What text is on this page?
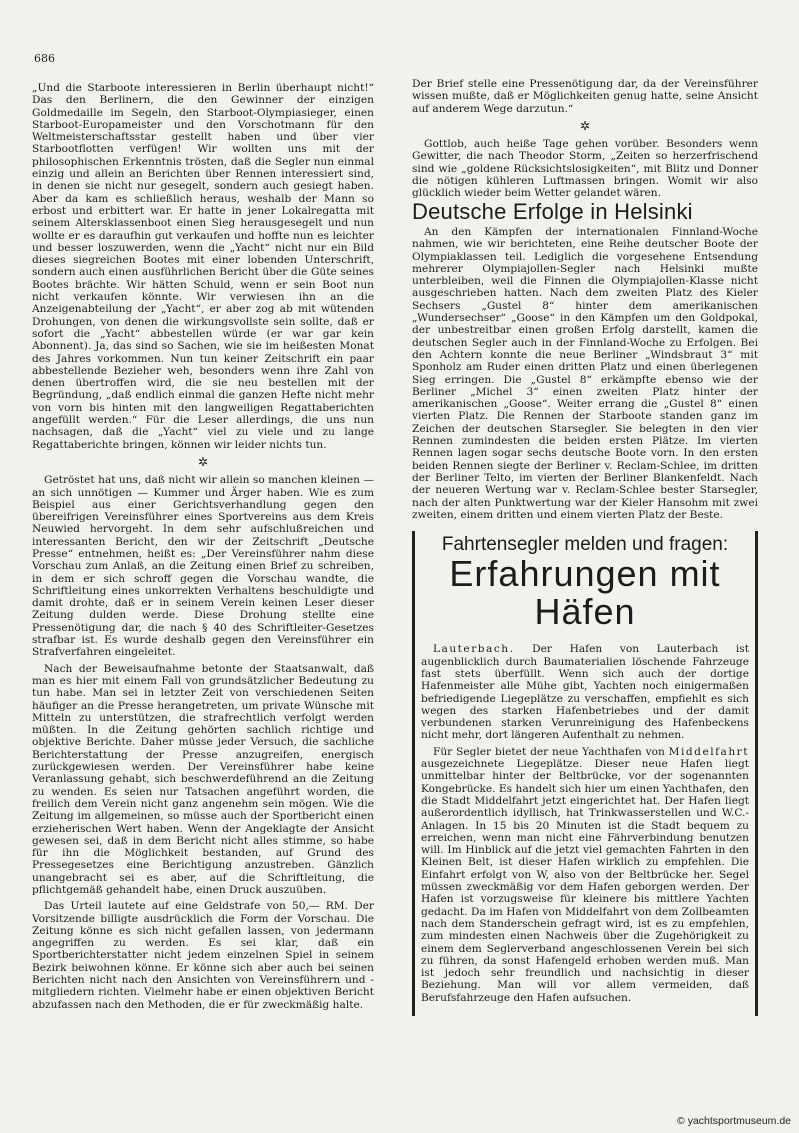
686

„Und die Starboote interessieren in Berlin überhaupt nicht!“ Das den Berlinern, die den Gewinner der einzigen Goldmedaille im Segeln, den Starboot-Olympiasieger, einen Starboot-Europameister und den Vorschotmann für den Weltmeisterschaftsstar gestellt haben und über vier Starbootflotten verfügen! Wir wollten uns mit der philosophischen Erkenntnis trösten, daß die Segler nun einmal einzig und allein an Berichten über Rennen interessiert sind, in denen sie nicht nur gesegelt, sondern auch gesiegt haben. Aber da kam es schließlich heraus, weshalb der Mann so erbost und erbittert war. Er hatte in jener Lokalregatta mit seinem Altersklassenboot einen Sieg herausgesegelt und nun wollte er es daraufhin gut verkaufen und hoffte nun es leichter und besser loszuwerden, wenn die „Yacht“ nicht nur ein Bild dieses siegreichen Bootes mit einer lobenden Unterschrift, sondern auch einen ausführlichen Bericht über die Güte seines Bootes brächte. Wir hätten Schuld, wenn er sein Boot nun nicht verkaufen könnte. Wir verwiesen ihn an die Anzeigenabteilung der „Yacht“, er aber zog ab mit wütenden Drohungen, von denen die wirkungsvollste sein sollte, daß er sofort die „Yacht“ abbestellen würde (er war gar kein Abonnent). Ja, das sind so Sachen, wie sie im heißesten Monat des Jahres vorkommen. Nun tun keiner Zeitschrift ein paar abbestellende Bezieher weh, besonders wenn ihre Zahl von denen übertroffen wird, die sie neu bestellen mit der Begründung, „daß endlich einmal die ganzen Hefte nicht mehr von vorn bis hinten mit den langweiligen Regattaberichten angefüllt werden.“ Für die Leser allerdings, die uns nun nachsagen, daß die „Yacht“ viel zu viele und zu lange Regattaberichte bringen, können wir leider nichts tun.

✲

Getröstet hat uns, daß nicht wir allein so manchen kleinen — an sich unnötigen — Kummer und Ärger haben. Wie es zum Beispiel aus einer Gerichtsverhandlung gegen den übereifrigen Vereinsführer eines Sportvereins aus dem Kreis Neuwied hervorgeht. In dem sehr aufschlußreichen und interessanten Bericht, den wir der Zeitschrift „Deutsche Presse“ entnehmen, heißt es: „Der Vereinsführer nahm diese Vorschau zum Anlaß, an die Zeitung einen Brief zu schreiben, in dem er sich schroff gegen die Vorschau wandte, die Schriftleitung eines unkorrekten Verhaltens beschuldigte und damit drohte, daß er in seinem Verein keinen Leser dieser Zeitung dulden werde. Diese Drohung stellte eine Pressenötigung dar, die nach § 40 des Schriftleiter-Gesetzes strafbar ist. Es wurde deshalb gegen den Vereinsführer ein Strafverfahren eingeleitet.

Nach der Beweisaufnahme betonte der Staatsanwalt, daß man es hier mit einem Fall von grundsätzlicher Bedeutung zu tun habe. Man sei in letzter Zeit von verschiedenen Seiten häufiger an die Presse herangetreten, um private Wünsche mit Mitteln zu unterstützen, die strafrechtlich verfolgt werden müßten. In die Zeitung gehörten sachlich richtige und objektive Berichte. Daher müsse jeder Versuch, die sachliche Berichterstattung der Presse anzugreifen, energisch zurückgewiesen werden. Der Vereinsführer habe keine Veranlassung gehabt, sich beschwerdeführend an die Zeitung zu wenden. Es seien nur Tatsachen angeführt worden, die freilich dem Verein nicht ganz angenehm sein mögen. Wie die Zeitung im allgemeinen, so müsse auch der Sportbericht einen erzieherischen Wert haben. Wenn der Angeklagte der Ansicht gewesen sei, daß in dem Bericht nicht alles stimme, so habe für ihn die Möglichkeit bestanden, auf Grund des Pressegesetzes eine Berichtigung anzustreben. Gänzlich unangebracht sei es aber, auf die Schriftleitung, die pflichtgemäß gehandelt habe, einen Druck auszuüben.

Das Urteil lautete auf eine Geldstrafe von 50,— RM. Der Vorsitzende billigte ausdrücklich die Form der Vorschau. Die Zeitung könne es sich nicht gefallen lassen, von jedermann angegriffen zu werden. Es sei klar, daß ein Sportberichterstatter nicht jedem einzelnen Spiel in seinem Bezirk beiwohnen könne. Er könne sich aber auch bei seinen Berichten nicht nach den Ansichten von Vereinsführern und -mitgliedern richten. Vielmehr habe er einen objektiven Bericht abzufassen nach den Methoden, die er für zweckmäßig halte.

Der Brief stelle eine Pressenötigung dar, da der Vereinsführer wissen mußte, daß er Möglichkeiten genug hatte, seine Ansicht auf anderem Wege darzutun.“

✲

Gottlob, auch heiße Tage gehen vorüber. Besonders wenn Gewitter, die nach Theodor Storm, „Zeiten so herzerfrischend sind wie „goldene Rücksichtslosigkeiten“, mit Blitz und Donner die nötigen kühleren Luftmassen bringen. Womit wir also glücklich wieder beim Wetter gelandet wären.

Deutsche Erfolge in Helsinki

An den Kämpfen der internationalen Finnland-Woche nahmen, wie wir berichteten, eine Reihe deutscher Boote der Olympiaklassen teil. Lediglich die vorgesehene Entsendung mehrerer Olympiajollen-Segler nach Helsinki mußte unterbleiben, weil die Finnen die Olympiajollen-Klasse nicht ausgeschrieben hatten. Nach dem zweiten Platz des Kieler Sechsers „Gustel 8“ hinter dem amerikanischen „Wundersechser“ „Goose“ in den Kämpfen um den Goldpokal, der unbestreitbar einen großen Erfolg darstellt, kamen die deutschen Segler auch in der Finnland-Woche zu Erfolgen. Bei den Achtern konnte die neue Berliner „Windsbraut 3“ mit Sponholz am Ruder einen dritten Platz und einen überlegenen Sieg erringen. Die „Gustel 8“ erkämpfte ebenso wie der Berliner „Michel 3“ einen zweiten Platz hinter der amerikanischen „Goose“. Weiter errang die „Gustel 8“ einen vierten Platz. Die Rennen der Starboote standen ganz im Zeichen der deutschen Starsegler. Sie belegten in den vier Rennen zumindesten die beiden ersten Plätze. Im vierten Rennen lagen sogar sechs deutsche Boote vorn. In den ersten beiden Rennen siegte der Berliner v. Reclam-Schlee, im dritten der Berliner Telto, im vierten der Berliner Blankenfeldt. Nach der neueren Wertung war v. Reclam-Schlee bester Starsegler, nach der alten Punktwertung war der Kieler Hansohm mit zwei zweiten, einem dritten und einem vierten Platz der Beste.

Fahrtensegler melden und fragen:
Erfahrungen mit Häfen

Lauterbach. Der Hafen von Lauterbach ist augenblicklich durch Baumaterialien löschende Fahrzeuge fast stets überfüllt. Wenn sich auch der dortige Hafenmeister alle Mühe gibt, Yachten noch einigermaßen befriedigende Liegeplätze zu verschaffen, empfiehlt es sich wegen des starken Hafenbetriebes und der damit verbundenen starken Verunreinigung des Hafenbeckens nicht mehr, dort längeren Aufenthalt zu nehmen.

Für Segler bietet der neue Yachthafen von Middelfahrt ausgezeichnete Liegeplätze. Dieser neue Hafen liegt unmittelbar hinter der Beltbrücke, vor der sogenannten Kongebrücke. Es handelt sich hier um einen Yachthafen, den die Stadt Middelfahrt jetzt eingerichtet hat. Der Hafen liegt außerordentlich idyllisch, hat Trinkwasserstellen und W.C.-Anlagen. In 15 bis 20 Minuten ist die Stadt bequem zu erreichen, wenn man nicht eine Fährverbindung benutzen will. Im Hinblick auf die jetzt viel gemachten Fahrten in den Kleinen Belt, ist dieser Hafen wirklich zu empfehlen. Die Einfahrt erfolgt von W, also von der Beltbrücke her. Segel müssen zweckmäßig vor dem Hafen geborgen werden. Der Hafen ist vorzugsweise für kleinere bis mittlere Yachten gedacht. Da im Hafen von Middelfahrt von dem Zollbeamten nach dem Standerschein gefragt wird, ist es zu empfehlen, zum mindesten einen Nachweis über die Zugehörigkeit zu einem dem Seglerverband angeschlossenen Verein bei sich zu führen, da sonst Hafengeld erhoben werden muß. Man ist jedoch sehr freundlich und nachsichtig in dieser Beziehung. Man will vor allem vermeiden, daß Berufsfahrzeuge den Hafen aufsuchen.

© yachtsportmuseum.de
